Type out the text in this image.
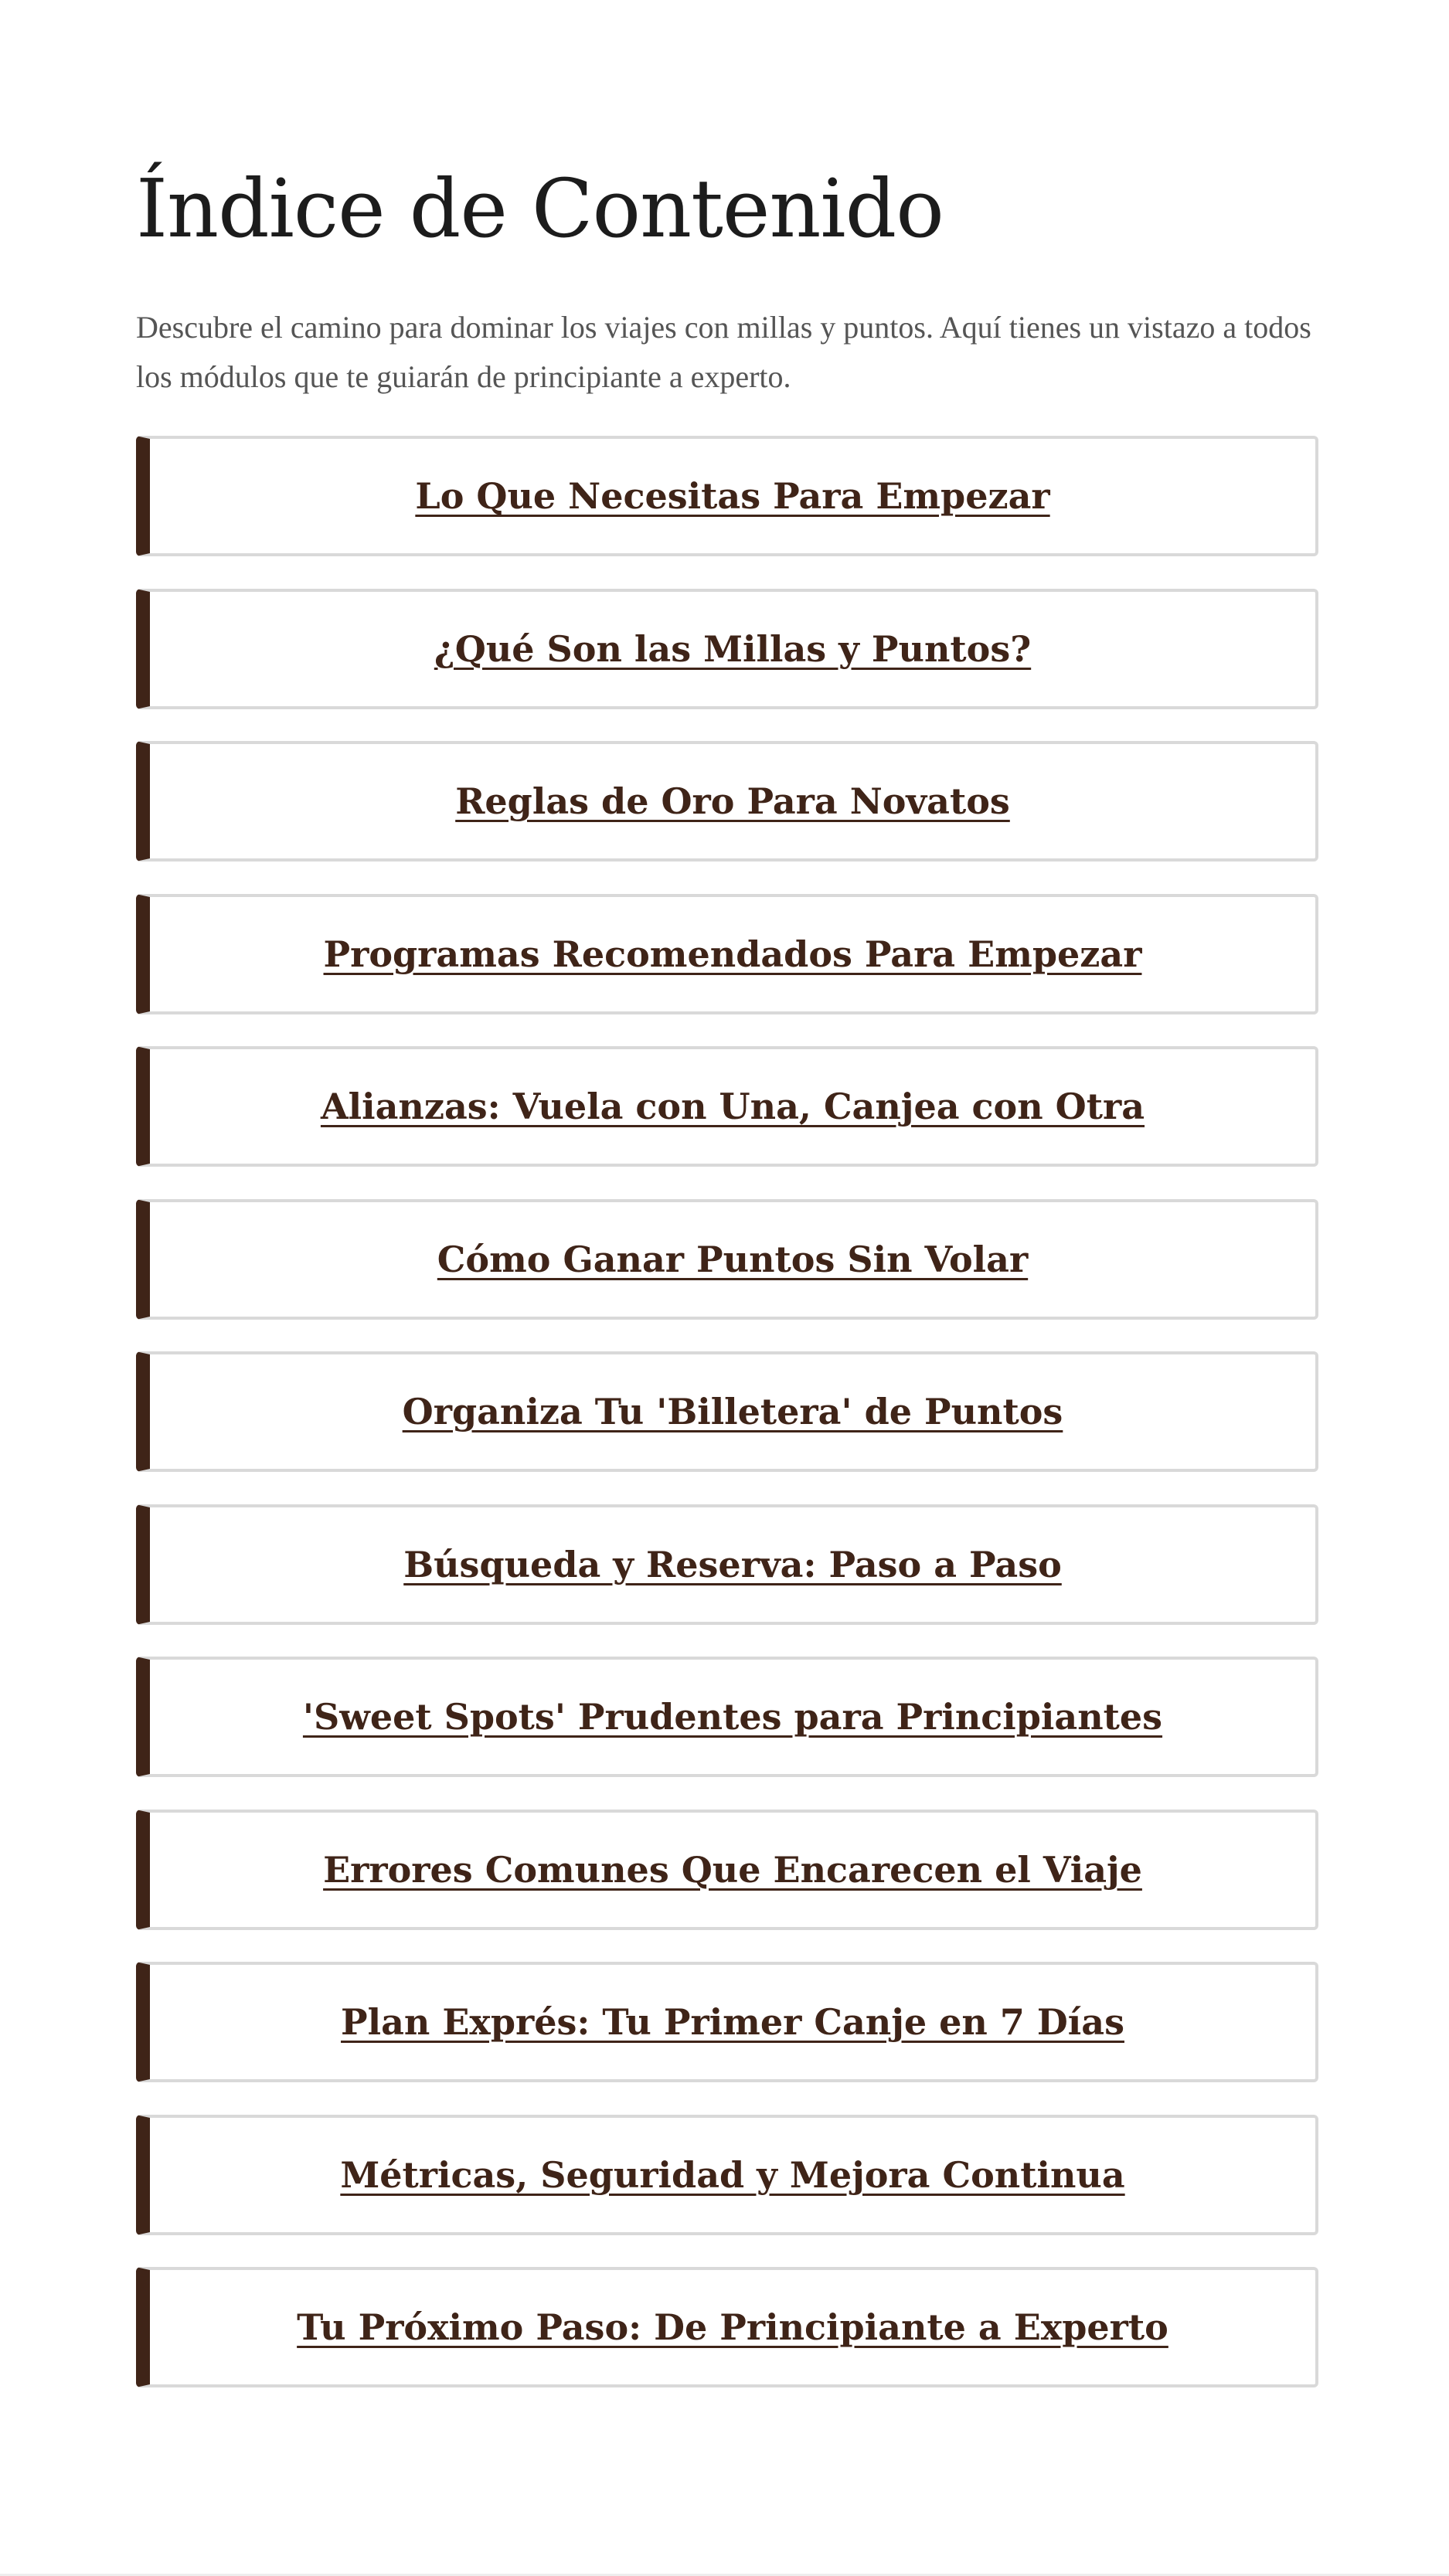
Índice de Contenido

Descubre el camino para dominar los viajes con millas y puntos. Aquí tienes un vistazo a todos los módulos que te guiarán de principiante a experto.

Lo Que Necesitas Para Empezar
¿Qué Son las Millas y Puntos?
Reglas de Oro Para Novatos
Programas Recomendados Para Empezar
Alianzas: Vuela con Una, Canjea con Otra
Cómo Ganar Puntos Sin Volar
Organiza Tu 'Billetera' de Puntos
Búsqueda y Reserva: Paso a Paso
'Sweet Spots' Prudentes para Principiantes
Errores Comunes Que Encarecen el Viaje
Plan Exprés: Tu Primer Canje en 7 Días
Métricas, Seguridad y Mejora Continua
Tu Próximo Paso: De Principiante a Experto
